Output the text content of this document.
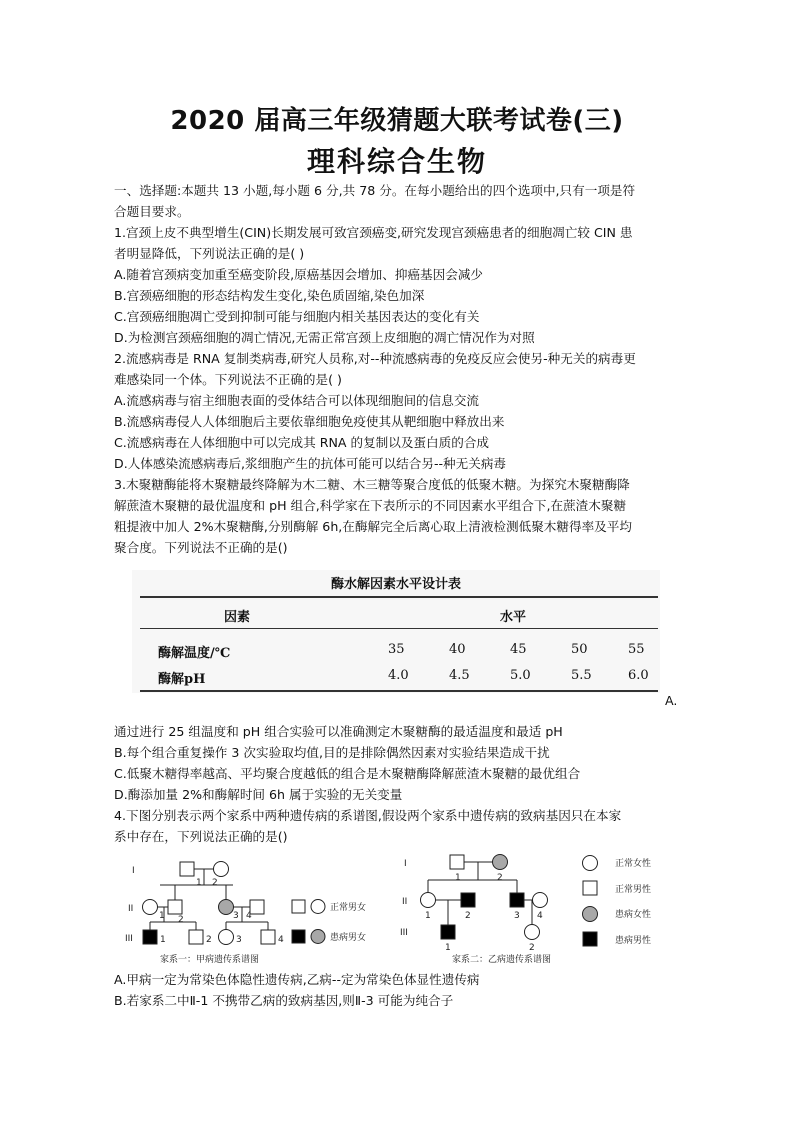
2020 届高三年级猜题大联考试卷(三)
理科综合生物
一、选择题:本题共 13 小题,每小题 6 分,共 78 分。在每小题给出的四个选项中,只有一项是符
合题目要求。
1.宫颈上皮不典型增生(CIN)长期发展可致宫颈癌变,研究发现宫颈癌患者的细胞凋亡较 CIN 患
者明显降低，下列说法正确的是( )
A.随着宫颈病变加重至癌变阶段,原癌基因会增加、抑癌基因会减少
B.宫颈癌细胞的形态结构发生变化,染色质固缩,染色加深
C.宫颈癌细胞凋亡受到抑制可能与细胞内相关基因表达的变化有关
D.为检测宫颈癌细胞的凋亡情况,无需正常宫颈上皮细胞的凋亡情况作为对照
2.流感病毒是 RNA 复制类病毒,研究人员称,对--种流感病毒的免疫反应会使另-种无关的病毒更
难感染同一个体。下列说法不正确的是( )
A.流感病毒与宿主细胞表面的受体结合可以体现细胞间的信息交流
B.流感病毒侵人人体细胞后主要依靠细胞免疫使其从靶细胞中释放出来
C.流感病毒在人体细胞中可以完成其 RNA 的复制以及蛋白质的合成
D.人体感染流感病毒后,浆细胞产生的抗体可能可以结合另--种无关病毒
3.木聚糖酶能将木聚糖最终降解为木二糖、木三糖等聚合度低的低聚木糖。为探究木聚糖酶降
解蔗渣木聚糖的最优温度和 pH 组合,科学家在下表所示的不同因素水平组合下,在蔗渣木聚糖
粗提液中加人 2%木聚糖酶,分别酶解 6h,在酶解完全后离心取上清液检测低聚木糖得率及平均
聚合度。下列说法不正确的是()
酶水解因素水平设计表
因素	水平
酶解温度/℃	35	40	45	50	55
酶解pH	4.0	4.5	5.0	5.5	6.0
A.
通过进行 25 组温度和 pH 组合实验可以准确测定木聚糖酶的最适温度和最适 pH
B.每个组合重复操作 3 次实验取均值,目的是排除偶然因素对实验结果造成干扰
C.低聚木糖得率越高、平均聚合度越低的组合是木聚糖酶降解蔗渣木聚糖的最优组合
D.酶添加量 2%和酶解时间 6h 属于实验的无关变量
4.下图分别表示两个家系中两种遗传病的系谱图,假设两个家系中遗传病的致病基因只在本家
系中存在，下列说法正确的是()
I
II
III
1 2
1 2	3 4
1	2	3	4
正常男女
患病男女
家系一：甲病遗传系谱图
I
II
III
1	2
1	2	3 4
1	2
正常女性
正常男性
患病女性
患病男性
家系二：乙病遗传系谱图
A.甲病一定为常染色体隐性遗传病,乙病--定为常染色体显性遗传病
B.若家系二中Ⅱ-1 不携带乙病的致病基因,则Ⅱ-3 可能为纯合子
